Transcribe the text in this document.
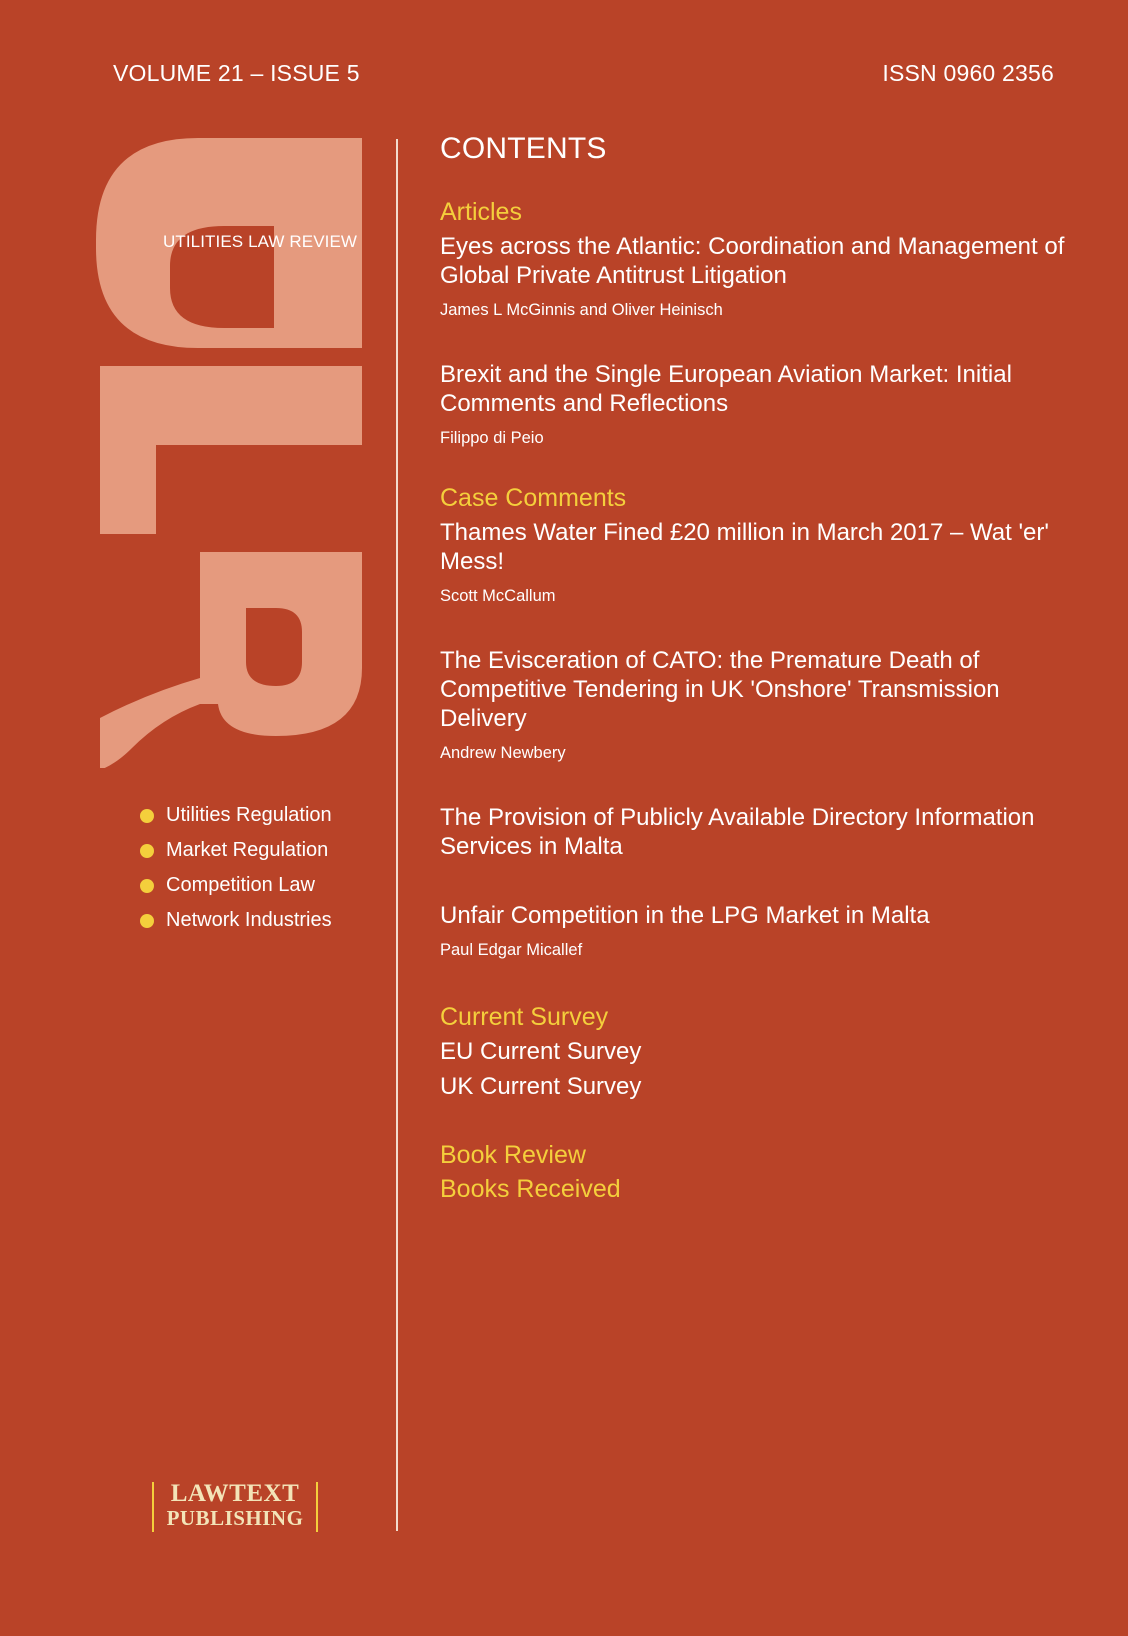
VOLUME 21 – ISSUE 5	ISSN 0960 2356
UTILITIES LAW REVIEW
Utilities Regulation
Market Regulation
Competition Law
Network Industries
CONTENTS
Articles
Eyes across the Atlantic: Coordination and Management of Global Private Antitrust Litigation
James L McGinnis and Oliver Heinisch
Brexit and the Single European Aviation Market: Initial Comments and Reflections
Filippo di Peio
Case Comments
Thames Water Fined £20 million in March 2017 – Wat 'er' Mess!
Scott McCallum
The Evisceration of CATO: the Premature Death of Competitive Tendering in UK 'Onshore' Transmission Delivery
Andrew Newbery
The Provision of Publicly Available Directory Information Services in Malta
Unfair Competition in the LPG Market in Malta
Paul Edgar Micallef
Current Survey
EU Current Survey
UK Current Survey
Book Review
Books Received
LAWTEXT
PUBLISHING
